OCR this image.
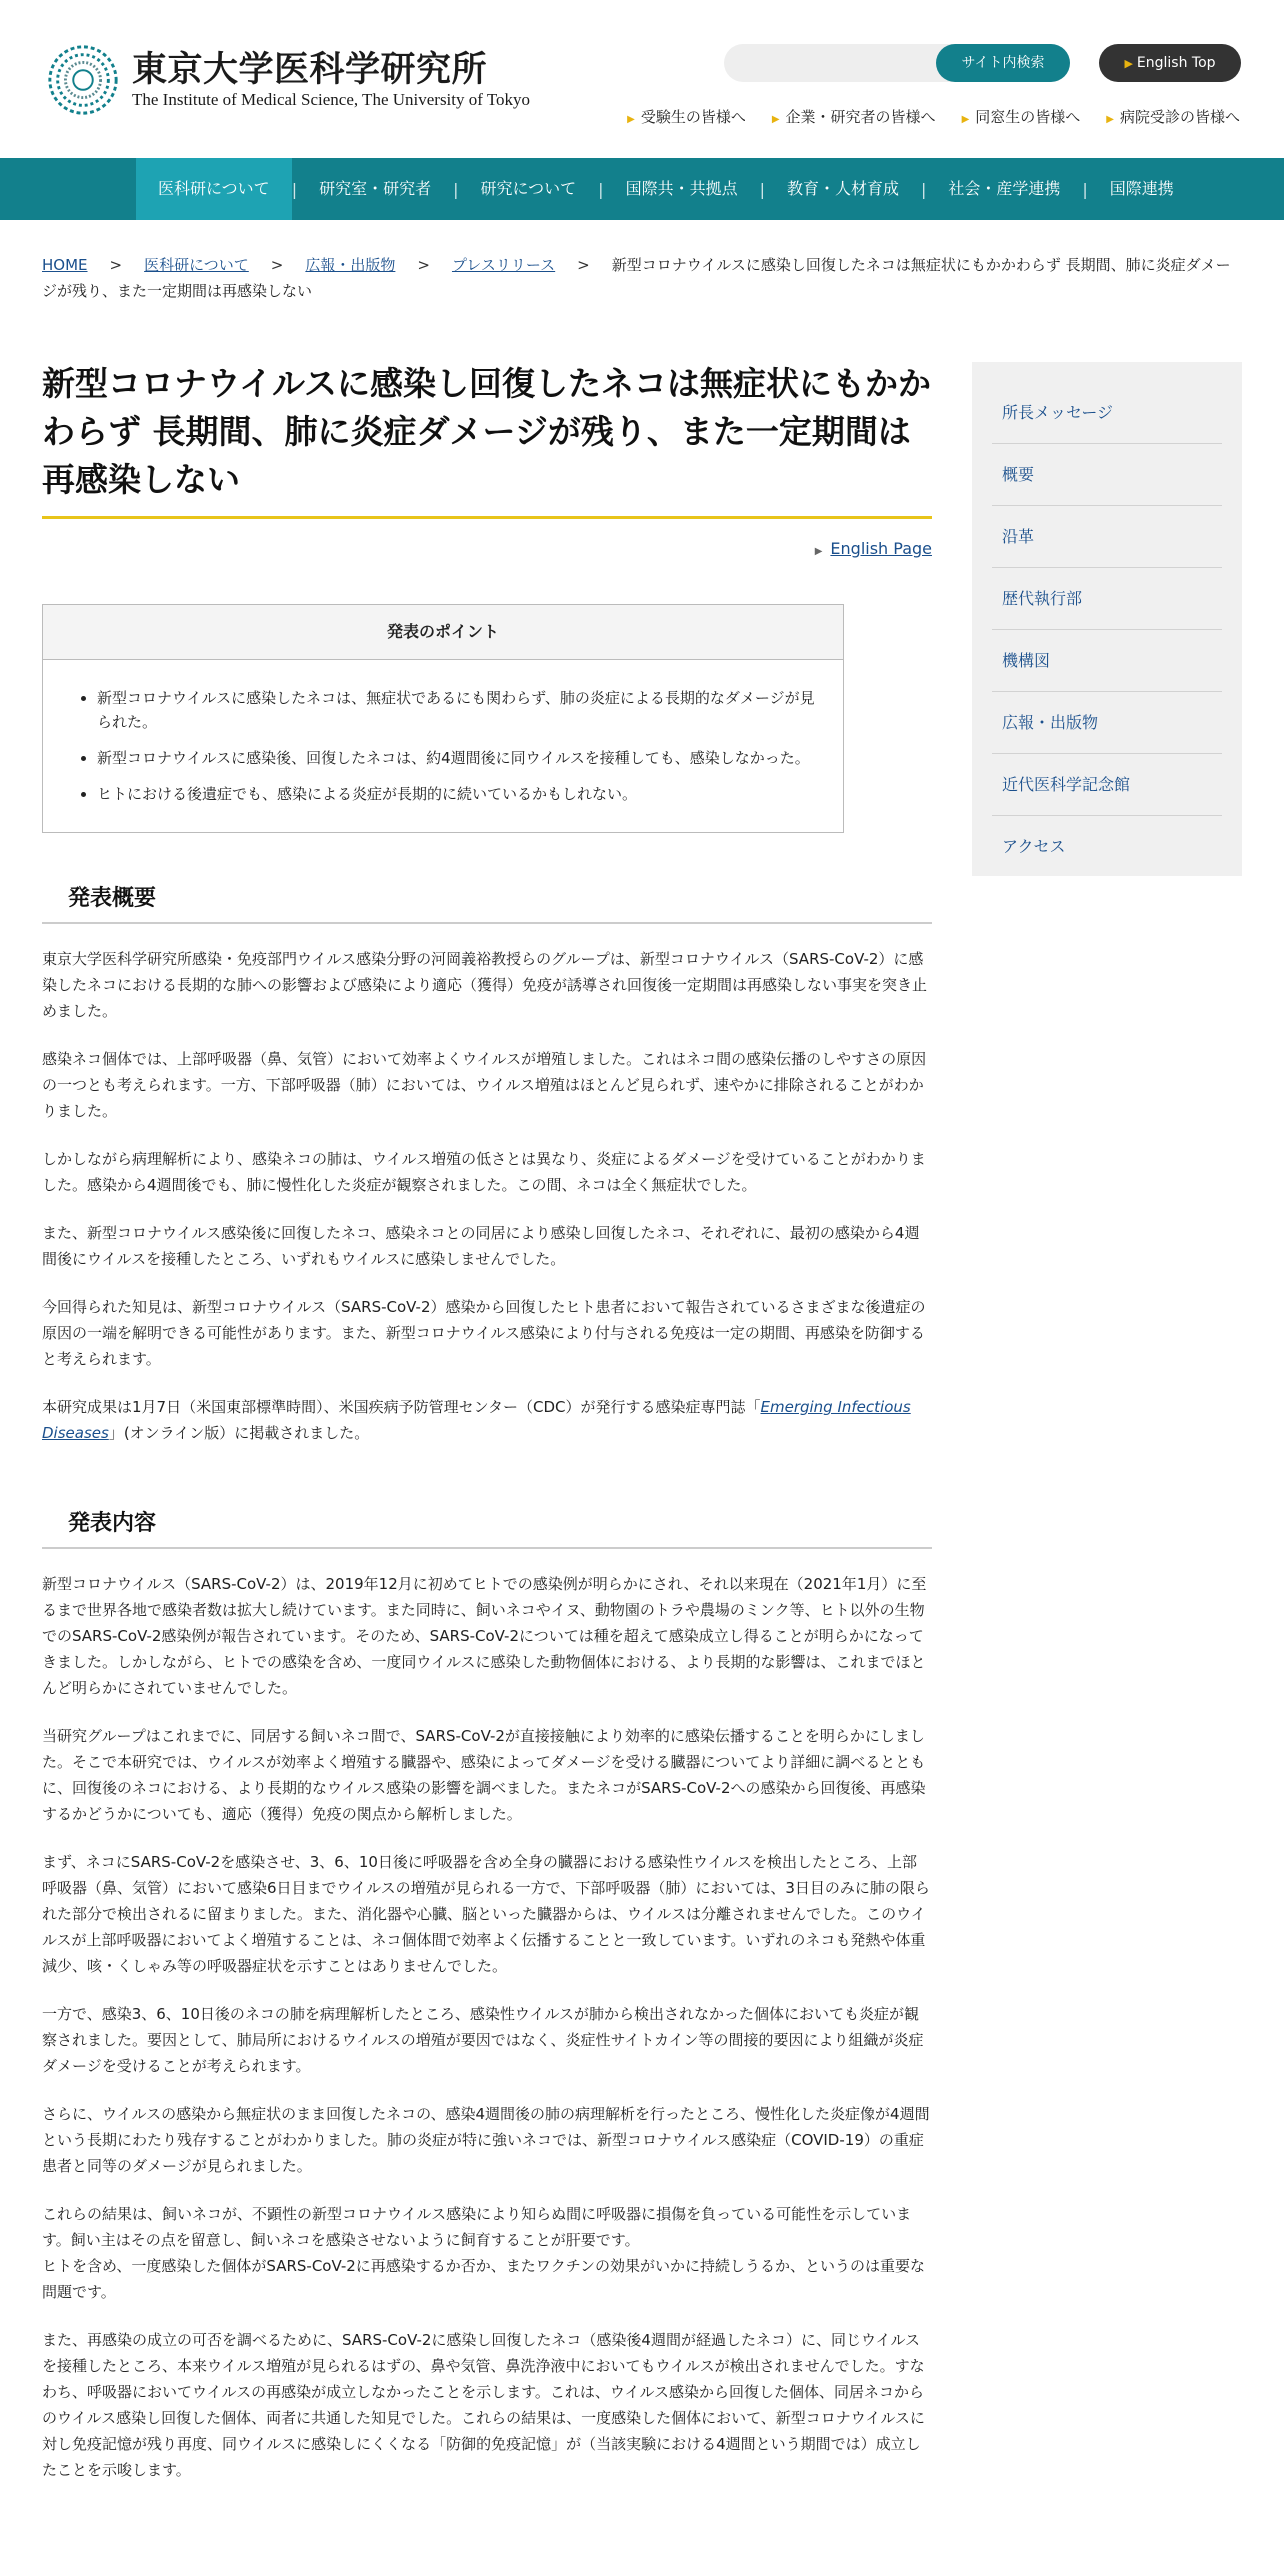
東京大学医科学研究所
The Institute of Medical Science, The University of Tokyo
サイト内検索	▶ English Top
▶ 受験生の皆様へ	▶ 企業・研究者の皆様へ	▶ 同窓生の皆様へ	▶ 病院受診の皆様へ
医科研について	|	研究室・研究者	|	研究について	|	国際共・共拠点	|	教育・人材育成	|	社会・産学連携	|	国際連携
HOME > 医科研について > 広報・出版物 > プレスリリース > 新型コロナウイルスに感染し回復したネコは無症状にもかかわらず 長期間、肺に炎症ダメージが残り、また一定期間は再感染しない
新型コロナウイルスに感染し回復したネコは無症状にもかかわらず 長期間、肺に炎症ダメージが残り、また一定期間は再感染しない
▶ English Page
発表のポイント
• 新型コロナウイルスに感染したネコは、無症状であるにも関わらず、肺の炎症による長期的なダメージが見られた。
• 新型コロナウイルスに感染後、回復したネコは、約4週間後に同ウイルスを接種しても、感染しなかった。
• ヒトにおける後遺症でも、感染による炎症が長期的に続いているかもしれない。
発表概要

東京大学医科学研究所感染・免疫部門ウイルス感染分野の河岡義裕教授らのグループは、新型コロナウイルス（SARS-CoV-2）に感染したネコにおける長期的な肺への影響および感染により適応（獲得）免疫が誘導され回復後一定期間は再感染しない事実を突き止めました。

感染ネコ個体では、上部呼吸器（鼻、気管）において効率よくウイルスが増殖しました。これはネコ間の感染伝播のしやすさの原因の一つとも考えられます。一方、下部呼吸器（肺）においては、ウイルス増殖はほとんど見られず、速やかに排除されることがわかりました。

しかしながら病理解析により、感染ネコの肺は、ウイルス増殖の低さとは異なり、炎症によるダメージを受けていることがわかりました。感染から4週間後でも、肺に慢性化した炎症が観察されました。この間、ネコは全く無症状でした。

また、新型コロナウイルス感染後に回復したネコ、感染ネコとの同居により感染し回復したネコ、それぞれに、最初の感染から4週間後にウイルスを接種したところ、いずれもウイルスに感染しませんでした。

今回得られた知見は、新型コロナウイルス（SARS-CoV-2）感染から回復したヒト患者において報告されているさまざまな後遺症の原因の一端を解明できる可能性があります。また、新型コロナウイルス感染により付与される免疫は一定の期間、再感染を防御すると考えられます。

本研究成果は1月7日（米国東部標準時間）、米国疾病予防管理センター（CDC）が発行する感染症専門誌「Emerging Infectious Diseases」(オンライン版）に掲載されました。

発表内容

新型コロナウイルス（SARS-CoV-2）は、2019年12月に初めてヒトでの感染例が明らかにされ、それ以来現在（2021年1月）に至るまで世界各地で感染者数は拡大し続けています。また同時に、飼いネコやイヌ、動物園のトラや農場のミンク等、ヒト以外の生物でのSARS-CoV-2感染例が報告されています。そのため、SARS-CoV-2については種を超えて感染成立し得ることが明らかになってきました。しかしながら、ヒトでの感染を含め、一度同ウイルスに感染した動物個体における、より長期的な影響は、これまでほとんど明らかにされていませんでした。

当研究グループはこれまでに、同居する飼いネコ間で、SARS-CoV-2が直接接触により効率的に感染伝播することを明らかにしました。そこで本研究では、ウイルスが効率よく増殖する臓器や、感染によってダメージを受ける臓器についてより詳細に調べるとともに、回復後のネコにおける、より長期的なウイルス感染の影響を調べました。またネコがSARS-CoV-2への感染から回復後、再感染するかどうかについても、適応（獲得）免疫の関点から解析しました。

まず、ネコにSARS-CoV-2を感染させ、3、6、10日後に呼吸器を含め全身の臓器における感染性ウイルスを検出したところ、上部呼吸器（鼻、気管）において感染6日目までウイルスの増殖が見られる一方で、下部呼吸器（肺）においては、3日目のみに肺の限られた部分で検出されるに留まりました。また、消化器や心臓、脳といった臓器からは、ウイルスは分離されませんでした。このウイルスが上部呼吸器においてよく増殖することは、ネコ個体間で効率よく伝播することと一致しています。いずれのネコも発熱や体重減少、咳・くしゃみ等の呼吸器症状を示すことはありませんでした。

一方で、感染3、6、10日後のネコの肺を病理解析したところ、感染性ウイルスが肺から検出されなかった個体においても炎症が観察されました。要因として、肺局所におけるウイルスの増殖が要因ではなく、炎症性サイトカイン等の間接的要因により組織が炎症ダメージを受けることが考えられます。

さらに、ウイルスの感染から無症状のまま回復したネコの、感染4週間後の肺の病理解析を行ったところ、慢性化した炎症像が4週間という長期にわたり残存することがわかりました。肺の炎症が特に強いネコでは、新型コロナウイルス感染症（COVID-19）の重症患者と同等のダメージが見られました。

これらの結果は、飼いネコが、不顕性の新型コロナウイルス感染により知らぬ間に呼吸器に損傷を負っている可能性を示しています。飼い主はその点を留意し、飼いネコを感染させないように飼育することが肝要です。
ヒトを含め、一度感染した個体がSARS-CoV-2に再感染するか否か、またワクチンの効果がいかに持続しうるか、というのは重要な問題です。

また、再感染の成立の可否を調べるために、SARS-CoV-2に感染し回復したネコ（感染後4週間が経過したネコ）に、同じウイルスを接種したところ、本来ウイルス増殖が見られるはずの、鼻や気管、鼻洗浄液中においてもウイルスが検出されませんでした。すなわち、呼吸器においてウイルスの再感染が成立しなかったことを示します。これは、ウイルス感染から回復した個体、同居ネコからのウイルス感染し回復した個体、両者に共通した知見でした。これらの結果は、一度感染した個体において、新型コロナウイルスに対し免疫記憶が残り再度、同ウイルスに感染しにくくなる「防御的免疫記憶」が（当該実験における4週間という期間では）成立したことを示唆します。

所長メッセージ
概要
沿革
歴代執行部
機構図
広報・出版物
近代医科学記念館
アクセス
